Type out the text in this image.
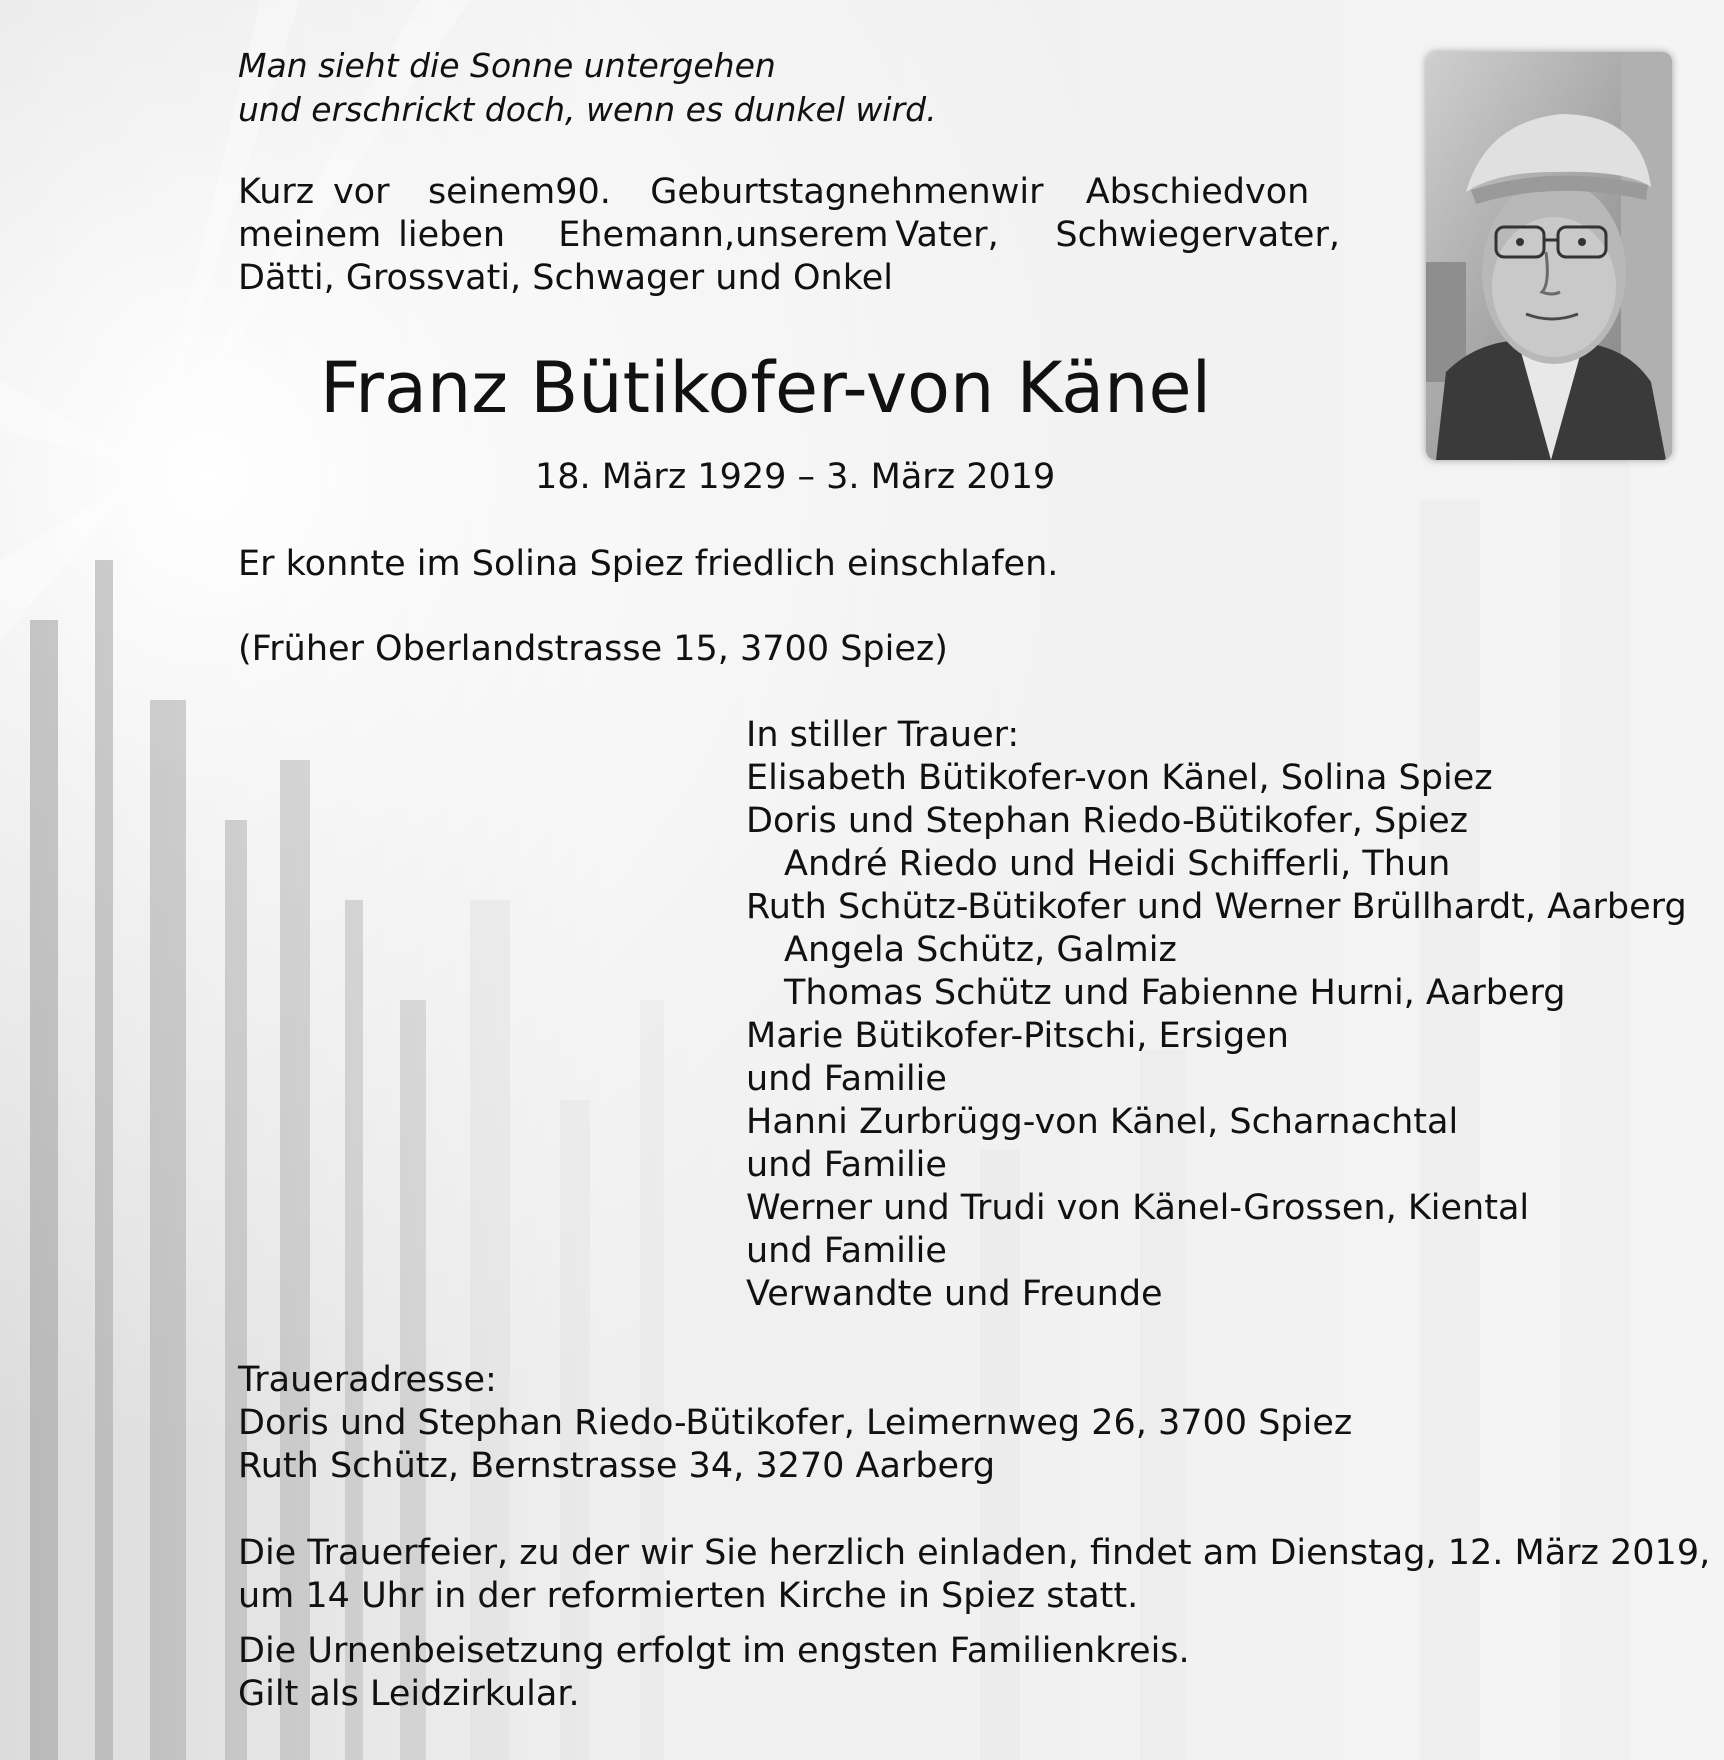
Man sieht die Sonne untergehen
und erschrickt doch, wenn es dunkel wird.
Kurz vor	seinem 90.	Geburtstag nehmen wir	Abschied von
meinem lieben	Ehemann, unserem Vater,	Schwiegervater,
Dätti, Grossvati, Schwager und Onkel
Franz Bütikofer-von Känel
18. März 1929 – 3. März 2019
Er konnte im Solina Spiez friedlich einschlafen.
(Früher Oberlandstrasse 15, 3700 Spiez)
In stiller Trauer:
Elisabeth Bütikofer-von Känel, Solina Spiez
Doris und Stephan Riedo-Bütikofer, Spiez
André Riedo und Heidi Schifferli, Thun
Ruth Schütz-Bütikofer und Werner Brüllhardt, Aarberg
Angela Schütz, Galmiz
Thomas Schütz und Fabienne Hurni, Aarberg
Marie Bütikofer-Pitschi, Ersigen
und Familie
Hanni Zurbrügg-von Känel, Scharnachtal
und Familie
Werner und Trudi von Känel-Grossen, Kiental
und Familie
Verwandte und Freunde
Traueradresse:
Doris und Stephan Riedo-Bütikofer, Leimernweg 26, 3700 Spiez
Ruth Schütz, Bernstrasse 34, 3270 Aarberg
Die Trauerfeier, zu der wir Sie herzlich einladen, findet am Dienstag, 12. März 2019,
um 14 Uhr in der reformierten Kirche in Spiez statt.
Die Urnenbeisetzung erfolgt im engsten Familienkreis.
Gilt als Leidzirkular.
